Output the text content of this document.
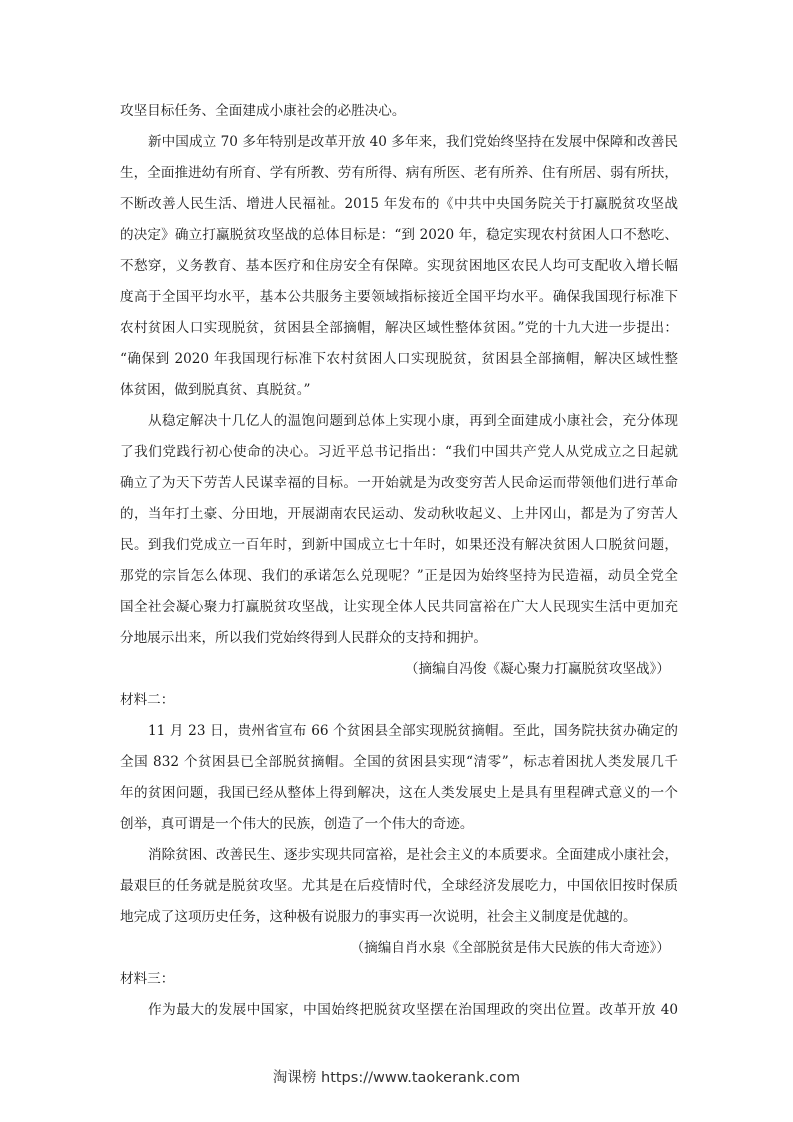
攻坚目标任务、全面建成小康社会的必胜决心。
新中国成立 70 多年特别是改革开放 40 多年来，我们党始终坚持在发展中保障和改善民
生，全面推进幼有所育、学有所教、劳有所得、病有所医、老有所养、住有所居、弱有所扶，
不断改善人民生活、增进人民福祉。2015 年发布的《中共中央国务院关于打赢脱贫攻坚战
的决定》确立打赢脱贫攻坚战的总体目标是：“到 2020 年，稳定实现农村贫困人口不愁吃、
不愁穿，义务教育、基本医疗和住房安全有保障。实现贫困地区农民人均可支配收入增长幅
度高于全国平均水平，基本公共服务主要领域指标接近全国平均水平。确保我国现行标准下
农村贫困人口实现脱贫，贫困县全部摘帽，解决区域性整体贫困。”党的十九大进一步提出：
“确保到 2020 年我国现行标准下农村贫困人口实现脱贫，贫困县全部摘帽，解决区域性整
体贫困，做到脱真贫、真脱贫。”
从稳定解决十几亿人的温饱问题到总体上实现小康，再到全面建成小康社会，充分体现
了我们党践行初心使命的决心。习近平总书记指出：“我们中国共产党人从党成立之日起就
确立了为天下劳苦人民谋幸福的目标。一开始就是为改变穷苦人民命运而带领他们进行革命
的，当年打土豪、分田地，开展湖南农民运动、发动秋收起义、上井冈山，都是为了穷苦人
民。到我们党成立一百年时，到新中国成立七十年时，如果还没有解决贫困人口脱贫问题，
那党的宗旨怎么体现、我们的承诺怎么兑现呢？”正是因为始终坚持为民造福，动员全党全
国全社会凝心聚力打赢脱贫攻坚战，让实现全体人民共同富裕在广大人民现实生活中更加充
分地展示出来，所以我们党始终得到人民群众的支持和拥护。
（摘编自冯俊《凝心聚力打赢脱贫攻坚战》）
材料二：
11 月 23 日，贵州省宣布 66 个贫困县全部实现脱贫摘帽。至此，国务院扶贫办确定的
全国 832 个贫困县已全部脱贫摘帽。全国的贫困县实现“清零”，标志着困扰人类发展几千
年的贫困问题，我国已经从整体上得到解决，这在人类发展史上是具有里程碑式意义的一个
创举，真可谓是一个伟大的民族，创造了一个伟大的奇迹。
消除贫困、改善民生、逐步实现共同富裕，是社会主义的本质要求。全面建成小康社会，
最艰巨的任务就是脱贫攻坚。尤其是在后疫情时代，全球经济发展吃力，中国依旧按时保质
地完成了这项历史任务，这种极有说服力的事实再一次说明，社会主义制度是优越的。
（摘编自肖水泉《全部脱贫是伟大民族的伟大奇迹》）
材料三：
作为最大的发展中国家，中国始终把脱贫攻坚摆在治国理政的突出位置。改革开放 40
淘课榜 https://www.taokerank.com
